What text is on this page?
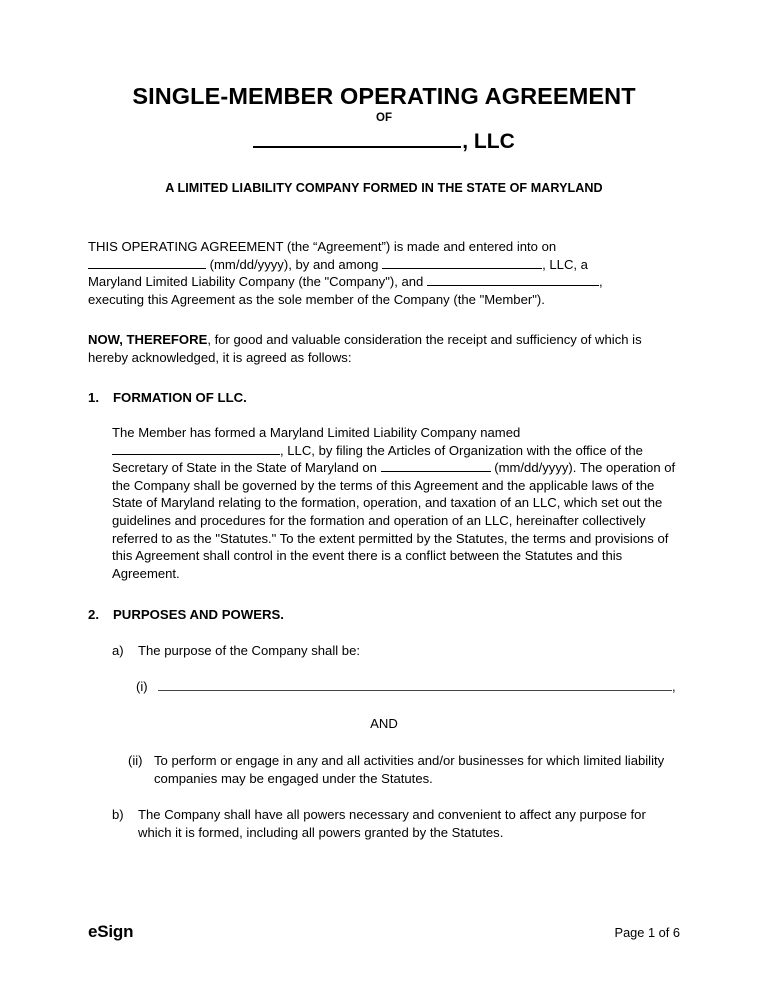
SINGLE-MEMBER OPERATING AGREEMENT
OF
, LLC
A LIMITED LIABILITY COMPANY FORMED IN THE STATE OF MARYLAND
THIS OPERATING AGREEMENT (the “Agreement”) is made and entered into on
(mm/dd/yyyy), by and among	, LLC, a
Maryland Limited Liability Company (the "Company"), and	,
executing this Agreement as the sole member of the Company (the "Member").
NOW, THEREFORE, for good and valuable consideration the receipt and sufficiency of which is hereby acknowledged, it is agreed as follows:
1. FORMATION OF LLC.
The Member has formed a Maryland Limited Liability Company named
, LLC, by filing the Articles of Organization with the office of the Secretary of State in the State of Maryland on	(mm/dd/yyyy). The operation of the Company shall be governed by the terms of this Agreement and the applicable laws of the State of Maryland relating to the formation, operation, and taxation of an LLC, which set out the guidelines and procedures for the formation and operation of an LLC, hereinafter collectively referred to as the "Statutes." To the extent permitted by the Statutes, the terms and provisions of this Agreement shall control in the event there is a conflict between the Statutes and this Agreement.
2. PURPOSES AND POWERS.
a) The purpose of the Company shall be:
(i)	,
AND
(ii) To perform or engage in any and all activities and/or businesses for which limited liability companies may be engaged under the Statutes.
b) The Company shall have all powers necessary and convenient to affect any purpose for which it is formed, including all powers granted by the Statutes.
eSign	Page 1 of 6
